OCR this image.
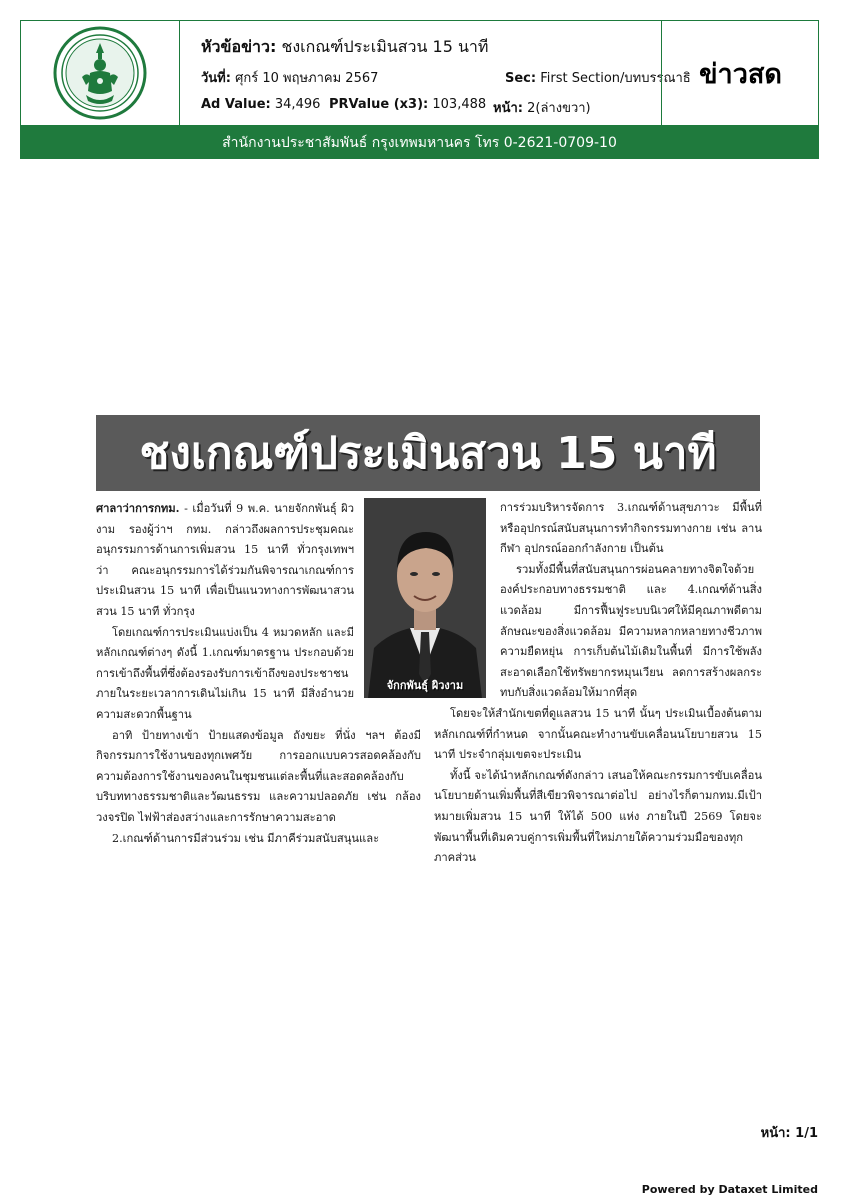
หัวข้อข่าว: ชงเกณฑ์ประเมินสวน 15 นาที
วันที่: ศุกร์ 10 พฤษภาคม 2567	Sec: First Section/บทบรรณาธิ
Ad Value: 34,496 PRValue (x3): 103,488 หน้า: 2(ล่างขวา)
ข่าวสด
สำนักงานประชาสัมพันธ์ กรุงเทพมหานคร โทร 0-2621-0709-10
ชงเกณฑ์ประเมินสวน 15 นาที
จักกพันธุ์ ผิวงาม

ศาลาว่าการกทม. - เมื่อวันที่ 9 พ.ค. นายจักกพันธุ์ ผิวงาม รองผู้ว่าฯ กทม. กล่าวถึงผลการประชุมคณะอนุกรรมการด้านการเพิ่มสวน 15 นาที ทั่วกรุงเทพฯ ว่า คณะอนุกรรมการได้ร่วมกันพิจารณาเกณฑ์การประเมินสวน 15 นาที เพื่อเป็นแนวทางการพัฒนาสวน สวน 15 นาที ทั่วกรุง

โดยเกณฑ์การประเมินแบ่งเป็น 4 หมวดหลัก และมีหลักเกณฑ์ต่างๆ ดังนี้ 1.เกณฑ์มาตรฐาน ประกอบด้วย การเข้าถึงพื้นที่ซึ่งต้องรองรับการเข้าถึงของประชาชนภายในระยะเวลาการเดินไม่เกิน 15 นาที มีสิ่งอำนวยความสะดวกพื้นฐาน

อาทิ ป้ายทางเข้า ป้ายแสดงข้อมูล ถังขยะ ที่นั่ง ฯลฯ ต้องมีกิจกรรมการใช้งานของทุกเพศวัย การออกแบบควรสอดคล้องกับความต้องการใช้งานของคนในชุมชนแต่ละพื้นที่และสอดคล้องกับบริบททางธรรมชาติและวัฒนธรรม และความปลอดภัย เช่น กล้องวงจรปิด ไฟฟ้าส่องสว่างและการรักษาความสะอาด

2.เกณฑ์ด้านการมีส่วนร่วม เช่น มีภาคีร่วมสนับสนุนและ

การร่วมบริหารจัดการ 3.เกณฑ์ด้านสุขภาวะ มีพื้นที่หรืออุปกรณ์สนับสนุนการทำกิจกรรมทางกาย เช่น ลานกีฬา อุปกรณ์ออกกำลังกาย เป็นต้น

รวมทั้งมีพื้นที่สนับสนุนการผ่อนคลายทางจิตใจด้วยองค์ประกอบทางธรรมชาติ และ 4.เกณฑ์ด้านสิ่งแวดล้อม มีการฟื้นฟูระบบนิเวศให้มีคุณภาพดีตามลักษณะของสิ่งแวดล้อม มีความหลากหลายทางชีวภาพ ความยืดหยุ่น การเก็บต้นไม้เดิมในพื้นที่ มีการใช้พลังสะอาดเลือกใช้ทรัพยากรหมุนเวียน ลดการสร้างผลกระทบกับสิ่งแวดล้อมให้มากที่สุด

โดยจะให้สำนักเขตที่ดูแลสวน 15 นาที นั้นๆ ประเมินเบื้องต้นตามหลักเกณฑ์ที่กำหนด จากนั้นคณะทำงานขับเคลื่อนนโยบายสวน 15 นาที ประจำกลุ่มเขตจะประเมิน

ทั้งนี้ จะได้นำหลักเกณฑ์ดังกล่าว เสนอให้คณะกรรมการขับเคลื่อนนโยบายด้านเพิ่มพื้นที่สีเขียวพิจารณาต่อไป อย่างไรก็ตามกทม.มีเป้าหมายเพิ่มสวน 15 นาที ให้ได้ 500 แห่ง ภายในปี 2569 โดยจะพัฒนาพื้นที่เดิมควบคู่การเพิ่มพื้นที่ใหม่ภายใต้ความร่วมมือของทุกภาคส่วน

หน้า: 1/1
Powered by Dataxet Limited
